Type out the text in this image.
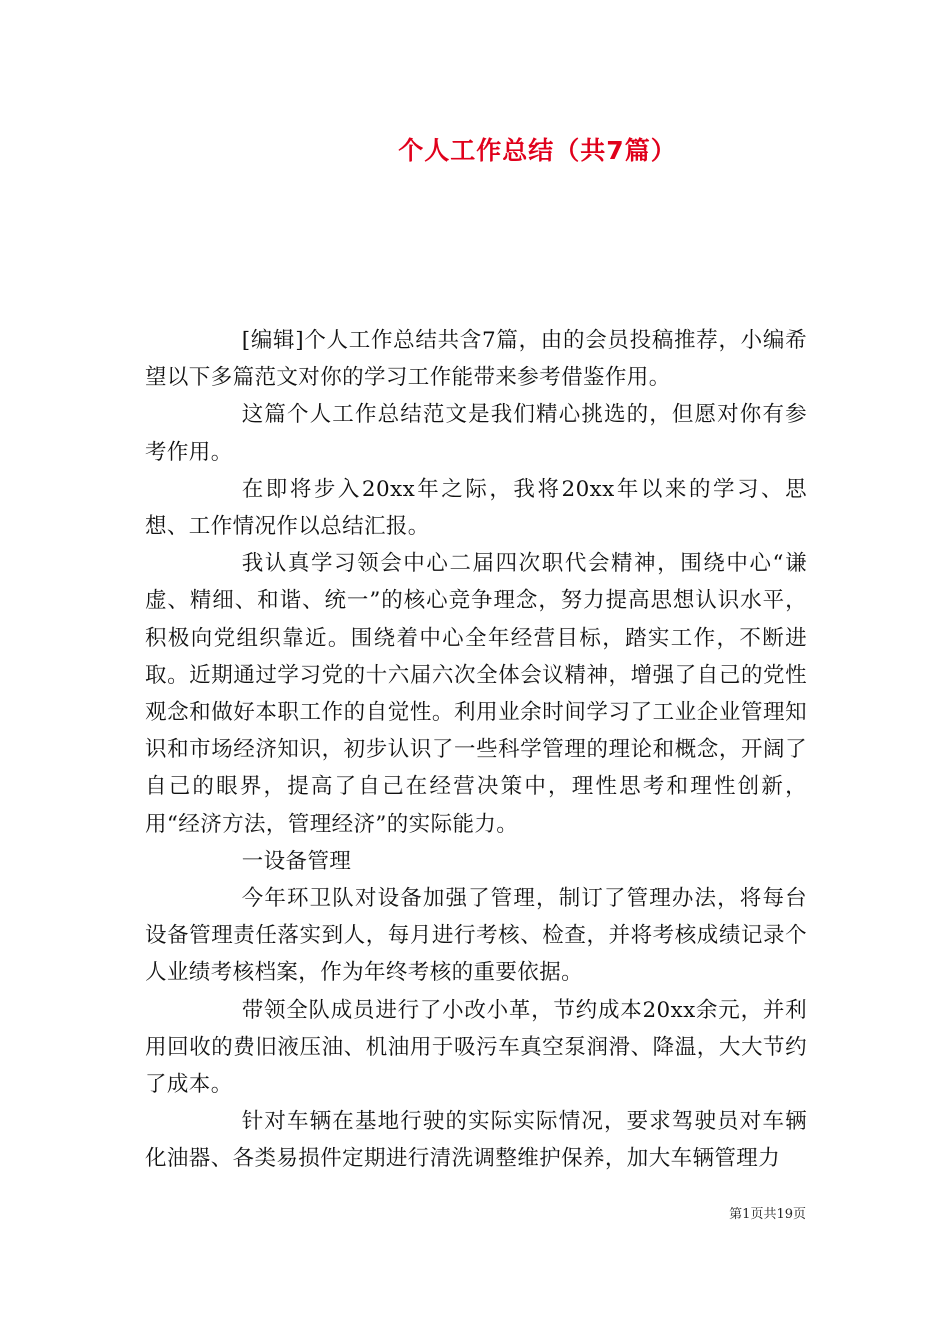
个人工作总结（共7篇）

[编辑]个人工作总结共含7篇，由的会员投稿推荐，小编希望以下多篇范文对你的学习工作能带来参考借鉴作用。

这篇个人工作总结范文是我们精心挑选的，但愿对你有参考作用。

在即将步入20xx年之际，我将20xx年以来的学习、思想、工作情况作以总结汇报。

我认真学习领会中心二届四次职代会精神，围绕中心“谦虚、精细、和谐、统一”的核心竞争理念，努力提高思想认识水平，积极向党组织靠近。围绕着中心全年经营目标，踏实工作，不断进取。近期通过学习党的十六届六次全体会议精神，增强了自己的党性观念和做好本职工作的自觉性。利用业余时间学习了工业企业管理知识和市场经济知识，初步认识了一些科学管理的理论和概念，开阔了自己的眼界，提高了自己在经营决策中，理性思考和理性创新，用“经济方法，管理经济”的实际能力。

一设备管理

今年环卫队对设备加强了管理，制订了管理办法，将每台设备管理责任落实到人，每月进行考核、检查，并将考核成绩记录个人业绩考核档案，作为年终考核的重要依据。

带领全队成员进行了小改小革，节约成本20xx余元，并利用回收的费旧液压油、机油用于吸污车真空泵润滑、降温，大大节约了成本。

针对车辆在基地行驶的实际实际情况，要求驾驶员对车辆化油器、各类易损件定期进行清洗调整维护保养，加大车辆管理力

第1页共19页
